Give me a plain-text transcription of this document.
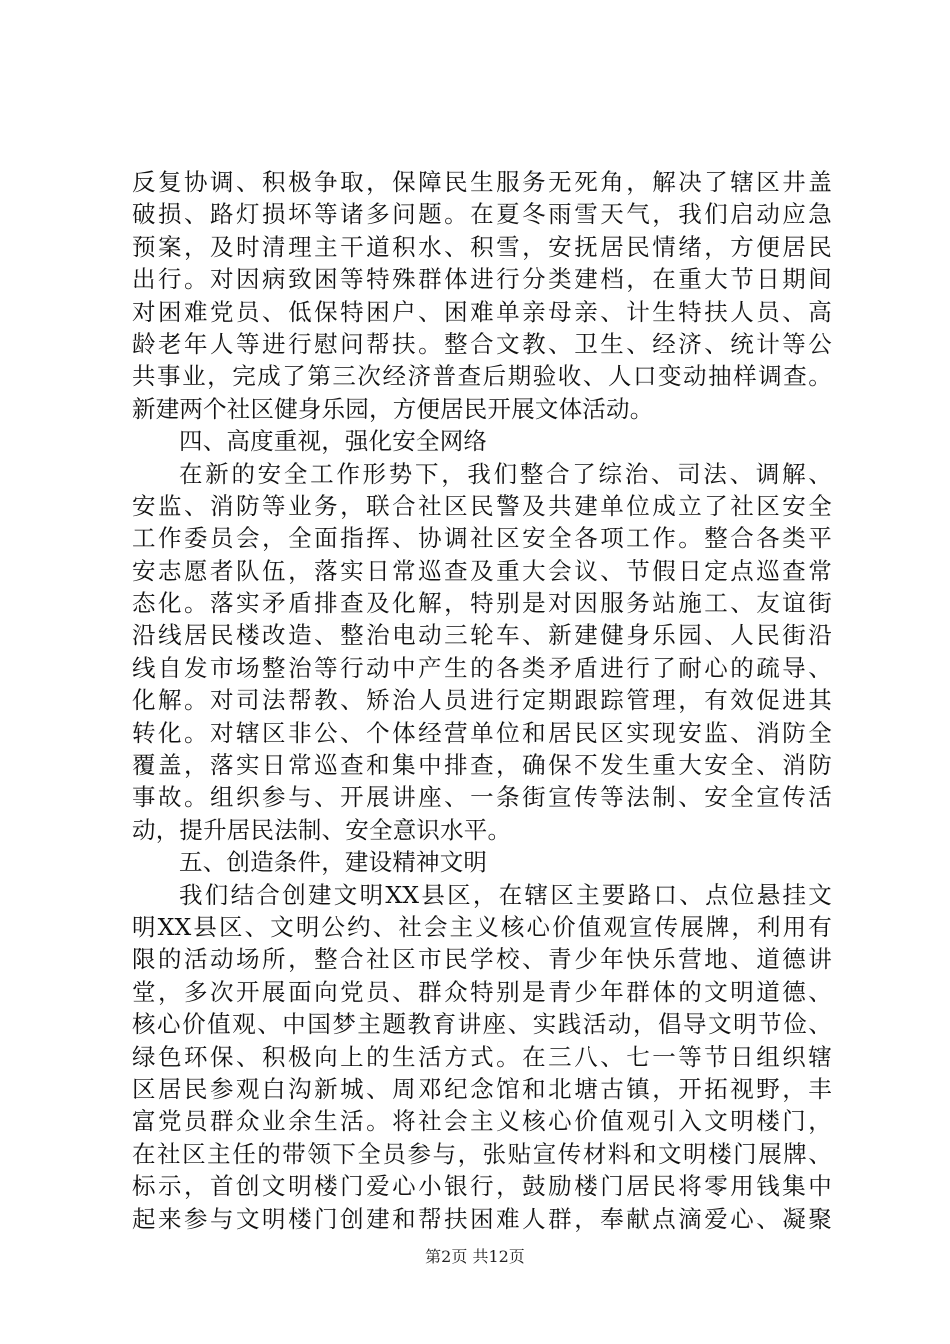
反复协调、积极争取，保障民生服务无死角，解决了辖区井盖
破损、路灯损坏等诸多问题。在夏冬雨雪天气，我们启动应急
预案，及时清理主干道积水、积雪，安抚居民情绪，方便居民
出行。对因病致困等特殊群体进行分类建档，在重大节日期间
对困难党员、低保特困户、困难单亲母亲、计生特扶人员、高
龄老年人等进行慰问帮扶。整合文教、卫生、经济、统计等公
共事业，完成了第三次经济普查后期验收、人口变动抽样调查。
新建两个社区健身乐园，方便居民开展文体活动。
四、高度重视，强化安全网络
在新的安全工作形势下，我们整合了综治、司法、调解、
安监、消防等业务，联合社区民警及共建单位成立了社区安全
工作委员会，全面指挥、协调社区安全各项工作。整合各类平
安志愿者队伍，落实日常巡查及重大会议、节假日定点巡查常
态化。落实矛盾排查及化解，特别是对因服务站施工、友谊街
沿线居民楼改造、整治电动三轮车、新建健身乐园、人民街沿
线自发市场整治等行动中产生的各类矛盾进行了耐心的疏导、
化解。对司法帮教、矫治人员进行定期跟踪管理，有效促进其
转化。对辖区非公、个体经营单位和居民区实现安监、消防全
覆盖，落实日常巡查和集中排查，确保不发生重大安全、消防
事故。组织参与、开展讲座、一条街宣传等法制、安全宣传活
动，提升居民法制、安全意识水平。
五、创造条件，建设精神文明
我们结合创建文明XX县区，在辖区主要路口、点位悬挂文
明XX县区、文明公约、社会主义核心价值观宣传展牌，利用有
限的活动场所，整合社区市民学校、青少年快乐营地、道德讲
堂，多次开展面向党员、群众特别是青少年群体的文明道德、
核心价值观、中国梦主题教育讲座、实践活动，倡导文明节俭、
绿色环保、积极向上的生活方式。在三八、七一等节日组织辖
区居民参观白沟新城、周邓纪念馆和北塘古镇，开拓视野，丰
富党员群众业余生活。将社会主义核心价值观引入文明楼门，
在社区主任的带领下全员参与，张贴宣传材料和文明楼门展牌、
标示，首创文明楼门爱心小银行，鼓励楼门居民将零用钱集中
起来参与文明楼门创建和帮扶困难人群，奉献点滴爱心、凝聚
第2页 共12页
